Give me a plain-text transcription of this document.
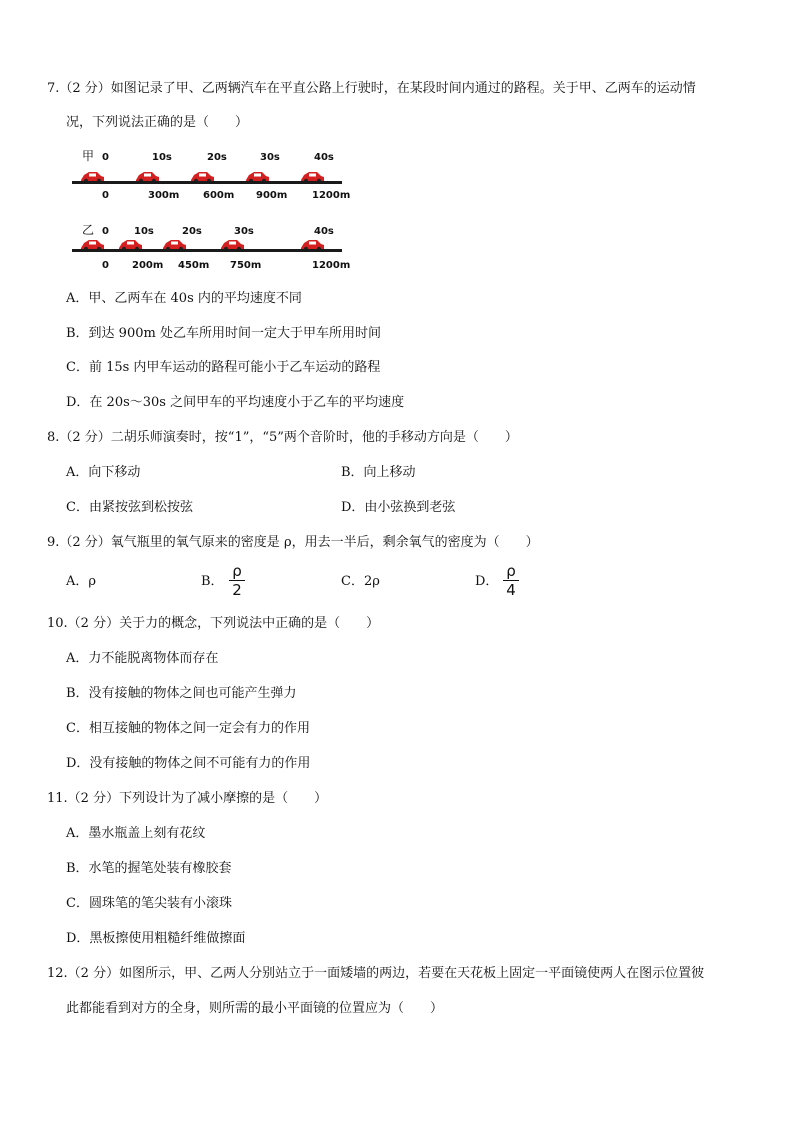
7.（2 分）如图记录了甲、乙两辆汽车在平直公路上行驶时，在某段时间内通过的路程。关于甲、乙两车的运动情
况，下列说法正确的是（　　）
甲 0	10s	20s	30s	40s
0	300m 600m 900m 1200m
乙 0	10s	20s	30s	40s
0 200m 450m 750m	1200m
A．甲、乙两车在 40s 内的平均速度不同
B．到达 900m 处乙车所用时间一定大于甲车所用时间
C．前 15s 内甲车运动的路程可能小于乙车运动的路程
D．在 20s～30s 之间甲车的平均速度小于乙车的平均速度
8.（2 分）二胡乐师演奏时，按“1”，“5”两个音阶时，他的手移动方向是（　　）
A．向下移动	B．向上移动
C．由紧按弦到松按弦	D．由小弦换到老弦
9.（2 分）氧气瓶里的氧气原来的密度是 ρ，用去一半后，剩余氧气的密度为（　　）
A．ρ	B．
ρ
2	C．2ρ	D．
ρ
4
10.（2 分）关于力的概念，下列说法中正确的是（　　）
A．力不能脱离物体而存在
B．没有接触的物体之间也可能产生弹力
C．相互接触的物体之间一定会有力的作用
D．没有接触的物体之间不可能有力的作用
11.（2 分）下列设计为了减小摩擦的是（　　）
A．墨水瓶盖上刻有花纹
B．水笔的握笔处装有橡胶套
C．圆珠笔的笔尖装有小滚珠
D．黑板擦使用粗糙纤维做擦面
12.（2 分）如图所示，甲、乙两人分别站立于一面矮墙的两边，若要在天花板上固定一平面镜使两人在图示位置彼
此都能看到对方的全身，则所需的最小平面镜的位置应为（　　）
